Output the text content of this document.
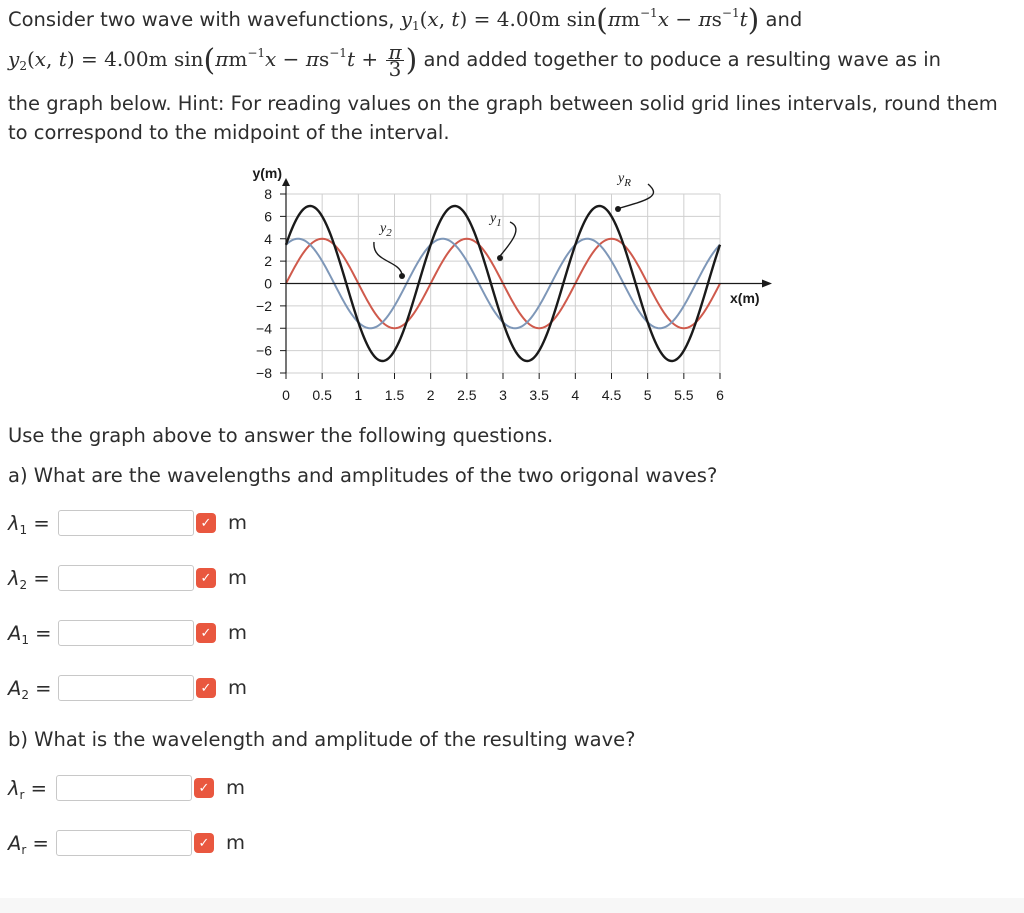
Consider two wave with wavefunctions, $y_1(x$, t) = 4.00m $\sin(\pi m^{-1}x - \pi s^{-1}t)$ and
$y_2(x$, t) = 4.00m $\sin(\pi m^{-1}x - \pi s^{-1}t + \frac{\pi}{3}$ ) and added together to poduce a resulting wave as in
the graph below. Hint: For reading values on the graph between solid grid lines intervals, round them
to correspond to the midpoint of the interval.
8
6
4
2
0
−2
−4
−6
−8
0 0.5 1 1.5 2 2.5 3 3.5 4 4.5 5 5.5 6
y(m)
x(m)
$y_2$
$y_1$
$y_R$
Use the graph above to answer the following questions.
a) What are the wavelengths and amplitudes of the two origonal waves?
b) What is the wavelength and amplitude of the resulting wave?
$\lambda_1$ =	✓ m
$\lambda_2$ =	✓ m
$A_1$ =	✓ m
$A_2$ =	✓ m
$\lambda_r$ =	✓ m
$A_r$ =	✓ m
